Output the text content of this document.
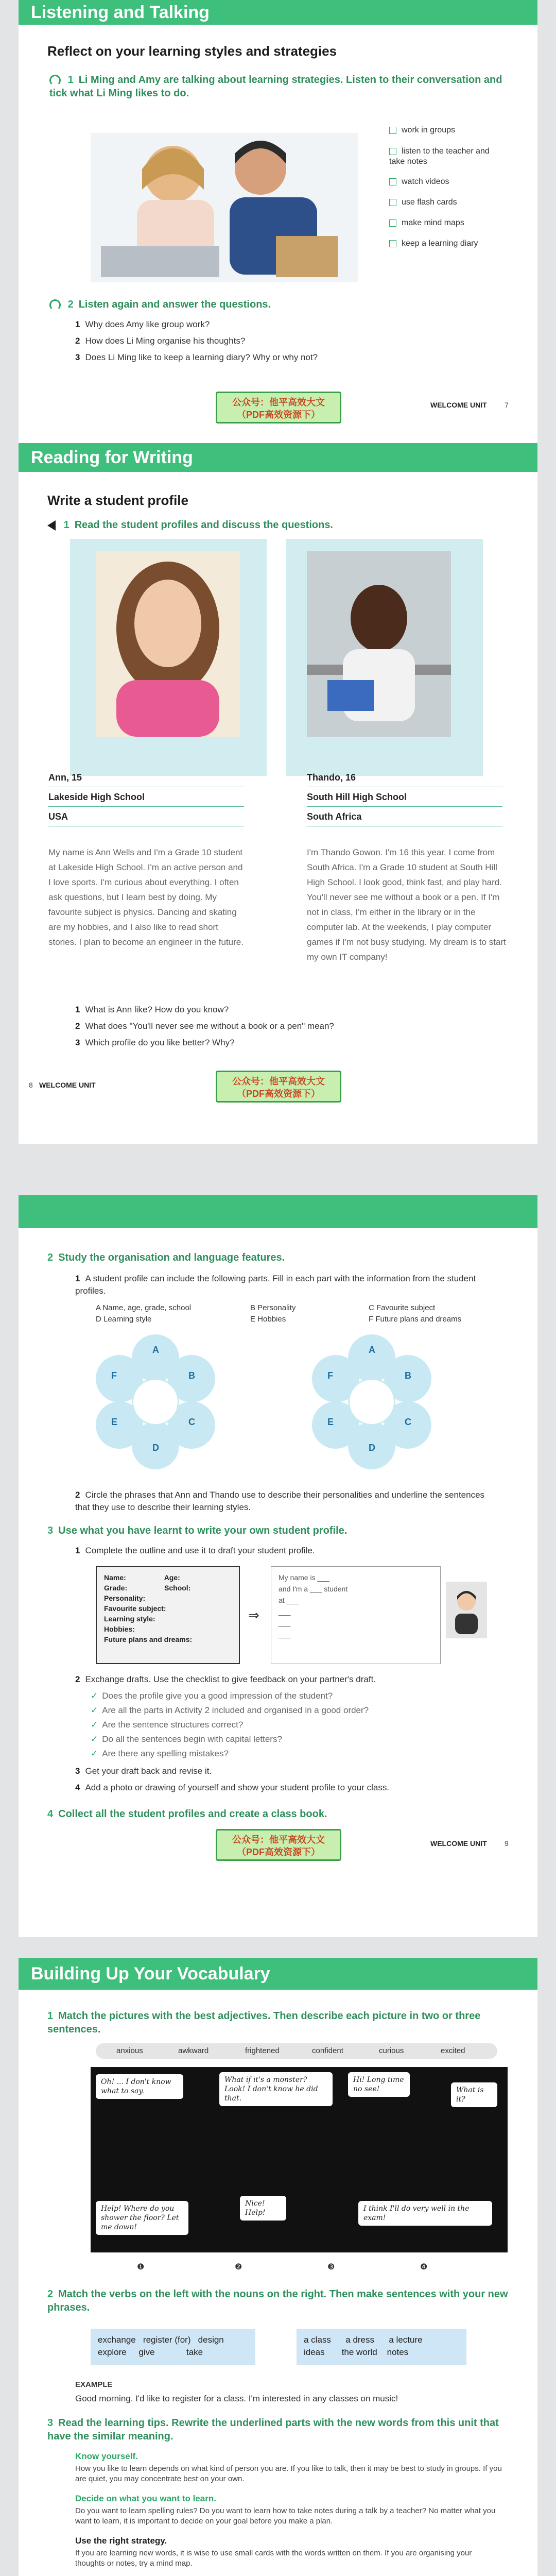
Listening and Talking
Reflect on your learning styles and strategies
1 Li Ming and Amy are talking about learning strategies. Listen to their conversation and tick what Li Ming likes to do.
work in groups
listen to the teacher and take notes
watch videos
use flash cards
make mind maps
keep a learning diary
2 Listen again and answer the questions.
1 Why does Amy like group work?
2 How does Li Ming organise his thoughts?
3 Does Li Ming like to keep a learning diary? Why or why not?
公众号：他平高效大文
（PDF高效资源下）
WELCOME UNIT 7
Reading for Writing
Write a student profile
1 Read the student profiles and discuss the questions.
Ann, 15
Lakeside High School
USA
My name is Ann Wells and I'm a Grade 10 student at Lakeside High School. I'm an active person and I love sports. I'm curious about everything. I often ask questions, but I learn best by doing. My favourite subject is physics. Dancing and skating are my hobbies, and I also like to read short stories. I plan to become an engineer in the future.
Thando, 16
South Hill High School
South Africa
I'm Thando Gowon. I'm 16 this year. I come from South Africa. I'm a Grade 10 student at South Hill High School. I look good, think fast, and play hard. You'll never see me without a book or a pen. If I'm not in class, I'm either in the library or in the computer lab. At the weekends, I play computer games if I'm not busy studying. My dream is to start my own IT company!
1 What is Ann like? How do you know?
2 What does "You'll never see me without a book or a pen" mean?
3 Which profile do you like better? Why?
WELCOME UNIT
8	公众号：他平高效大文
（PDF高效资源下）
2 Study the organisation and language features.
1 A student profile can include the following parts. Fill in each part with the information from the student profiles.
A Name, age, grade, school	B Personality	C Favourite subject
D Learning style	E Hobbies	F Future plans and dreams
A
B
C
D
E
F
A
B
C
D
E
F
2 Circle the phrases that Ann and Thando use to describe their personalities and underline the sentences that they use to describe their learning styles.
3 Use what you have learnt to write your own student profile.
1 Complete the outline and use it to draft your student profile.
Name:	Age:
Grade:	School:
Personality:
Favourite subject:
Learning style:
Hobbies:
Future plans and dreams:
⇒
My name is ___
and I'm a ___ student
at ___
___
___
___
2 Exchange drafts. Use the checklist to give feedback on your partner's draft.
✓ Does the profile give you a good impression of the student?
✓ Are all the parts in Activity 2 included and organised in a good order?
✓ Are the sentence structures correct?
✓ Do all the sentences begin with capital letters?
✓ Are there any spelling mistakes?
3 Get your draft back and revise it.
4 Add a photo or drawing of yourself and show your student profile to your class.
4 Collect all the student profiles and create a class book.
公众号：他平高效大文
（PDF高效资源下）
WELCOME UNIT 9
Building Up Your Vocabulary
1 Match the pictures with the best adjectives. Then describe each picture in two or three sentences.
anxious	awkward	frightened	confident	curious	excited
Oh! ... I don't know what to say.
What if it's a monster? Look! I don't know he did that.
Hi! Long time no see!	What is it?
Help! Where do you shower the floor? Let me down!
Nice! Help!	I think I'll do very well in the exam!
❶	❷	❸	❹
2 Match the verbs on the left with the nouns on the right. Then make sentences with your new phrases.
exchange register (for) design
explore give	take
a class a dress a lecture
ideas the world notes
EXAMPLE
Good morning. I'd like to register for a class. I'm interested in any classes on music!
3 Read the learning tips. Rewrite the underlined parts with the new words from this unit that have the similar meaning.
Know yourself.
How you like to learn depends on what kind of person you are. If you like to talk, then it may be best to study in groups. If you are quiet, you may concentrate best on your own.
Decide on what you want to learn.
Do you want to learn spelling rules? Do you want to learn how to take notes during a talk by a teacher? No matter what you want to learn, it is important to decide on your goal before you make a plan.
Use the right strategy.
If you are learning new words, it is wise to use small cards with the words written on them. If you are organising your thoughts or notes, try a mind map.
